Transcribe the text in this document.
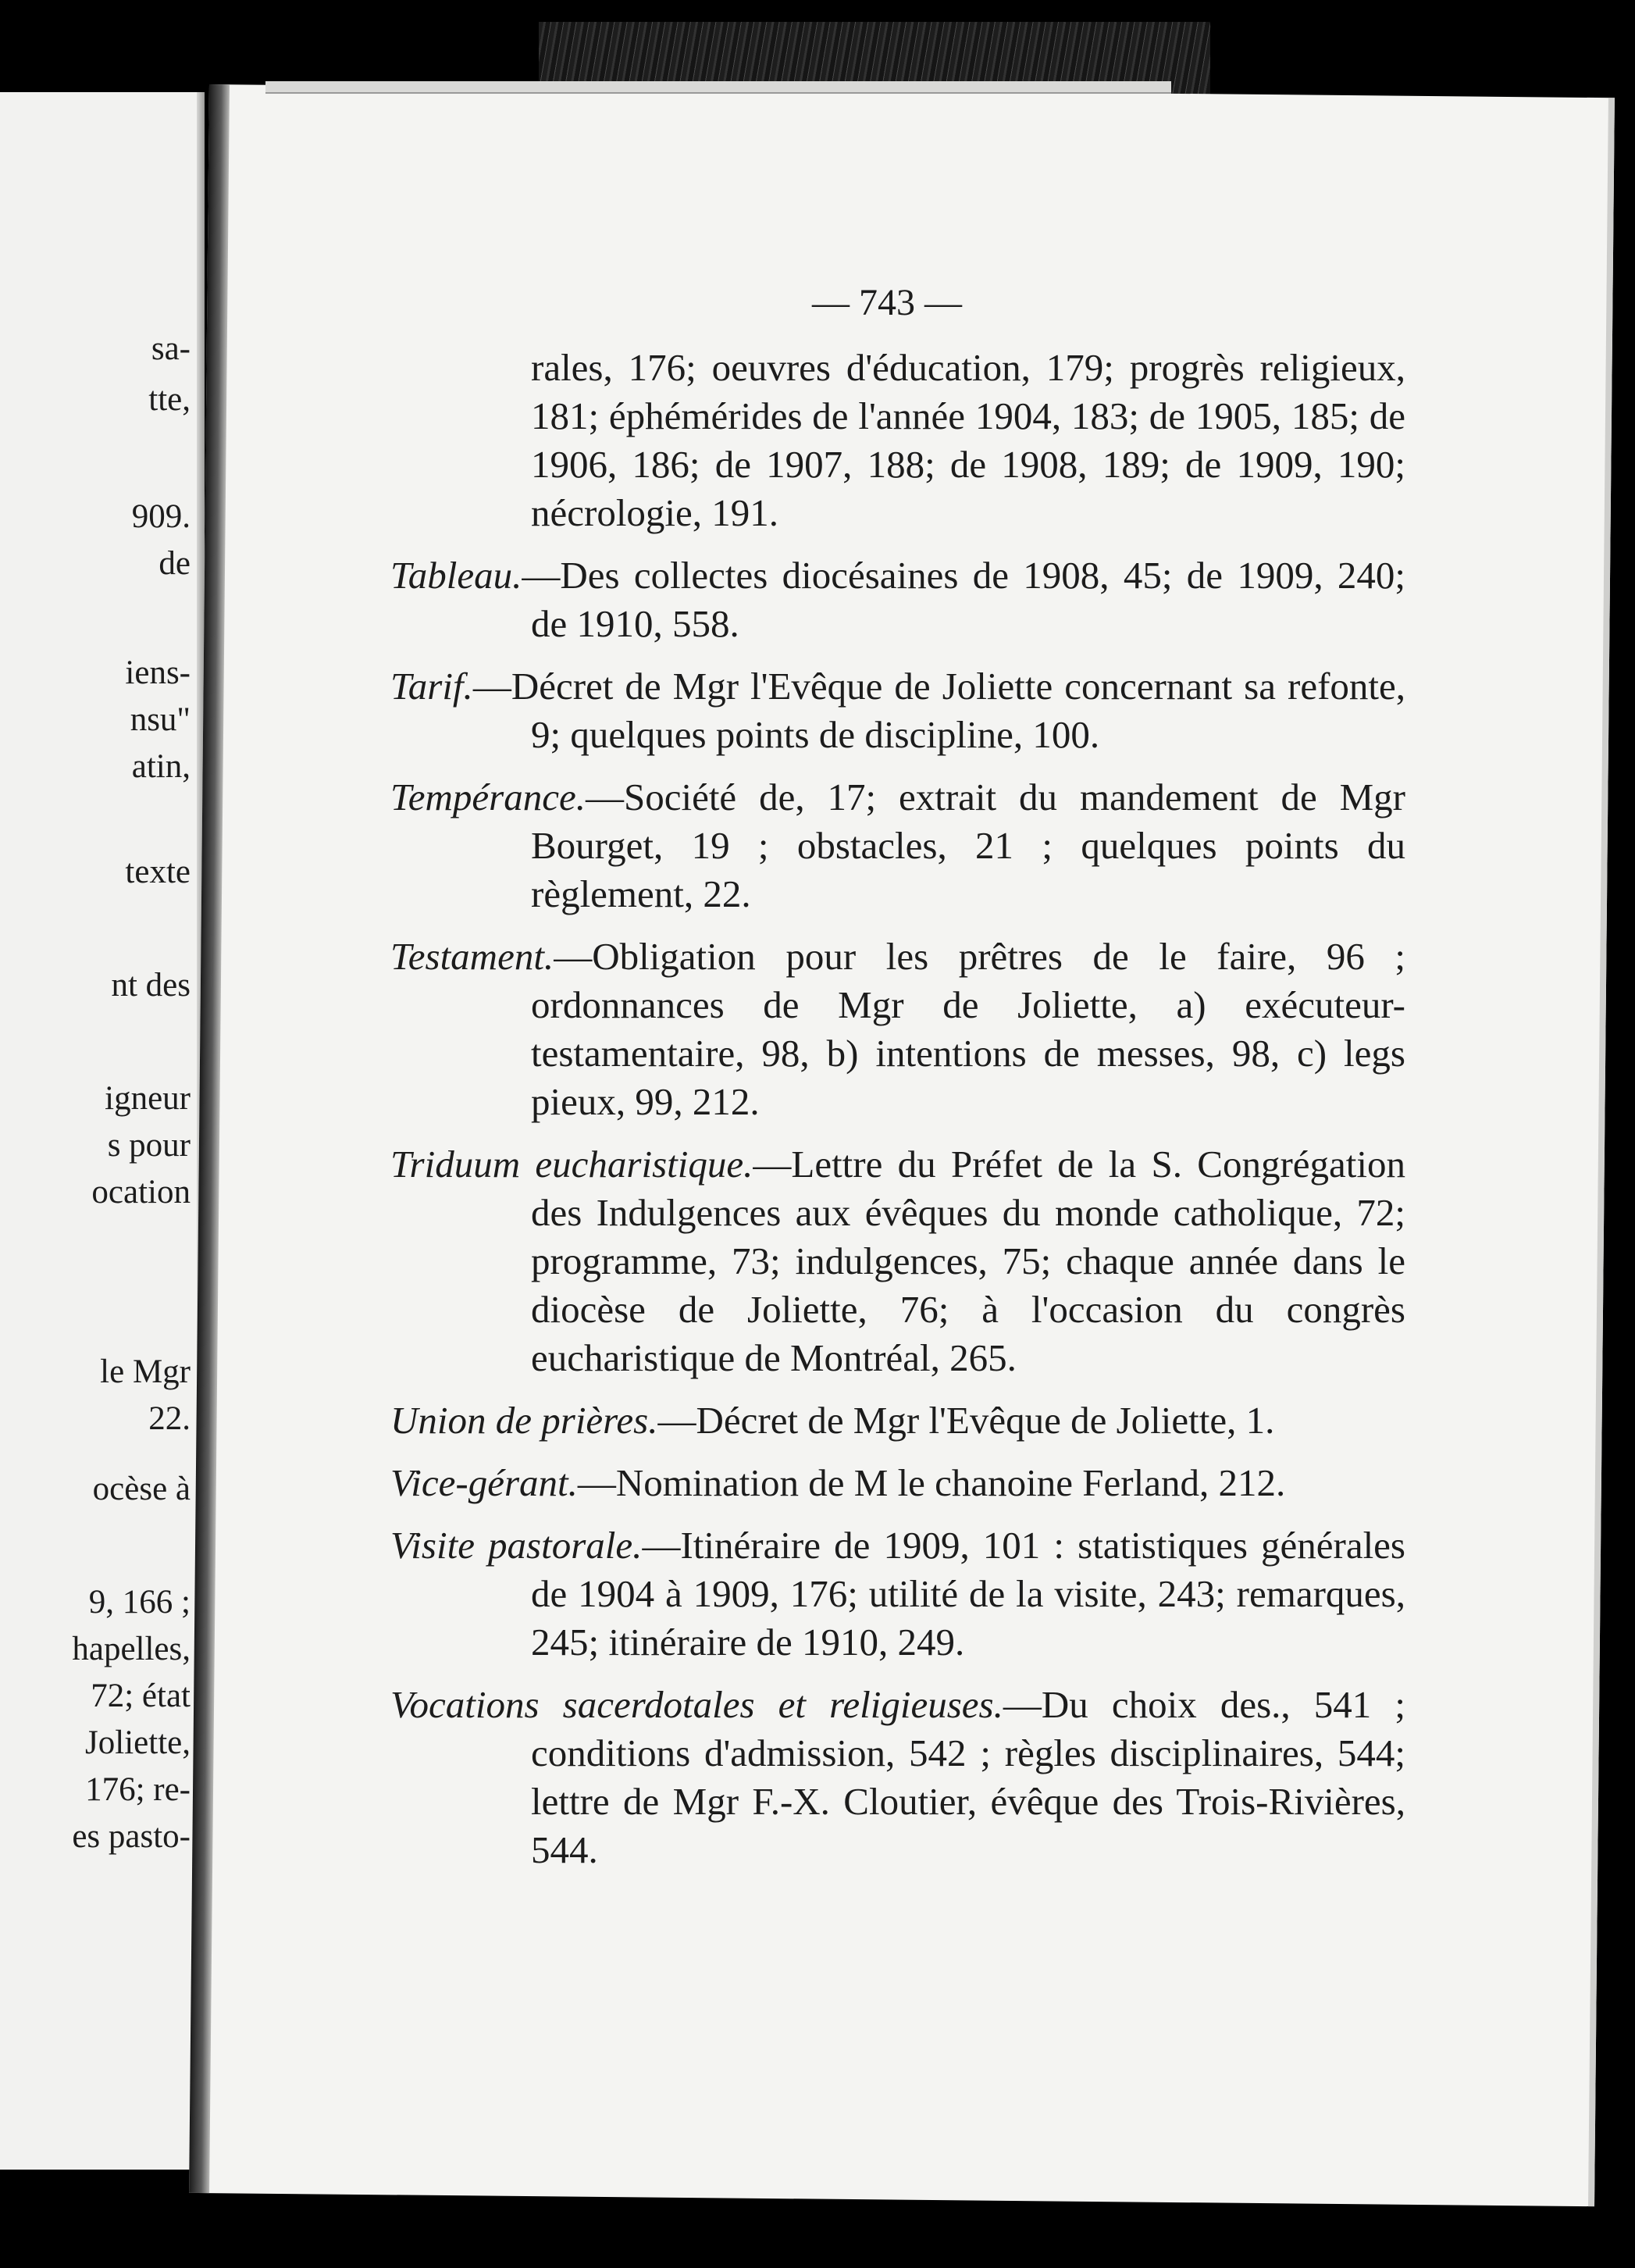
sa-
tte,
909.
de
iens-
nsu"
atin,
texte
nt des
igneur
s pour
ocation
le Mgr
22.
ocèse à
9, 166 ;
hapelles,
72; état
Joliette,
176; re-
es pasto-
— 743 —

rales, 176; oeuvres d'éducation, 179; progrès religieux, 181; éphémérides de l'année 1904, 183; de 1905, 185; de 1906, 186; de 1907, 188; de 1908, 189; de 1909, 190; nécrologie, 191.

Tableau.—Des collectes diocésaines de 1908, 45; de 1909, 240; de 1910, 558.

Tarif.—Décret de Mgr l'Evêque de Joliette concernant sa refonte, 9; quelques points de discipline, 100.

Tempérance.—Société de, 17; extrait du mandement de Mgr Bourget, 19 ; obstacles, 21 ; quelques points du règlement, 22.

Testament.—Obligation pour les prêtres de le faire, 96 ; ordonnances de Mgr de Joliette, a) exécuteur-testamentaire, 98, b) intentions de messes, 98, c) legs pieux, 99, 212.

Triduum eucharistique.—Lettre du Préfet de la S. Congrégation des Indulgences aux évêques du monde catholique, 72; programme, 73; indulgences, 75; chaque année dans le diocèse de Joliette, 76; à l'occasion du congrès eucharistique de Montréal, 265.

Union de prières.—Décret de Mgr l'Evêque de Joliette, 1.

Vice-gérant.—Nomination de M le chanoine Ferland, 212.

Visite pastorale.—Itinéraire de 1909, 101 : statistiques générales de 1904 à 1909, 176; utilité de la visite, 243; remarques, 245; itinéraire de 1910, 249.

Vocations sacerdotales et religieuses.—Du choix des., 541 ; conditions d'admission, 542 ; règles disciplinaires, 544; lettre de Mgr F.-X. Cloutier, évêque des Trois-Rivières, 544.
